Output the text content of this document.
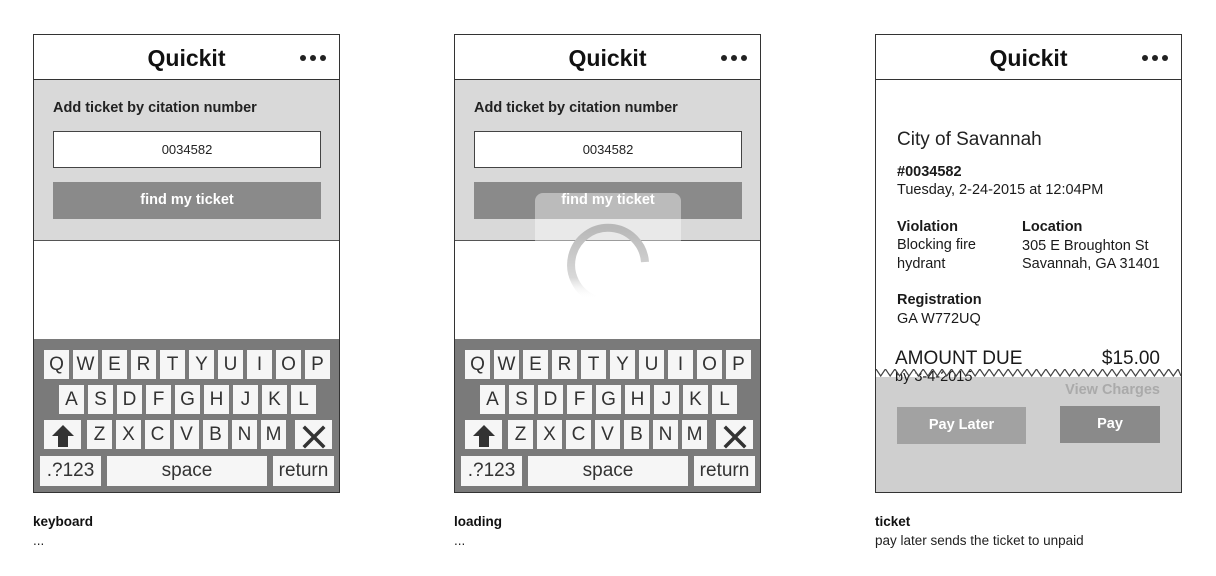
Quickit
Add ticket by citation number
0034582
find my ticket
Q W E R T Y U	I O P
A S D F G H J K L
Z X C V B N M
.?123	space	return
Quickit
Add ticket by citation number
0034582
find my ticket
Q W E R T Y U	I O P
A S D F G H J K L
Z X C V B N M
.?123	space	return
City of Savannah
#0034582
Tuesday, 2-24-2015 at 12:04PM
Violation
Blocking fire
hydrant
Location
305 E Broughton St
Savannah, GA 31401
Registration
GA W772UQ
AMOUNT DUE	$15.00
by 3-4-2015
View Charges
Quickit
Pay Later	Pay
keyboard
...
loading
...
ticket
pay later sends the ticket to unpaid
